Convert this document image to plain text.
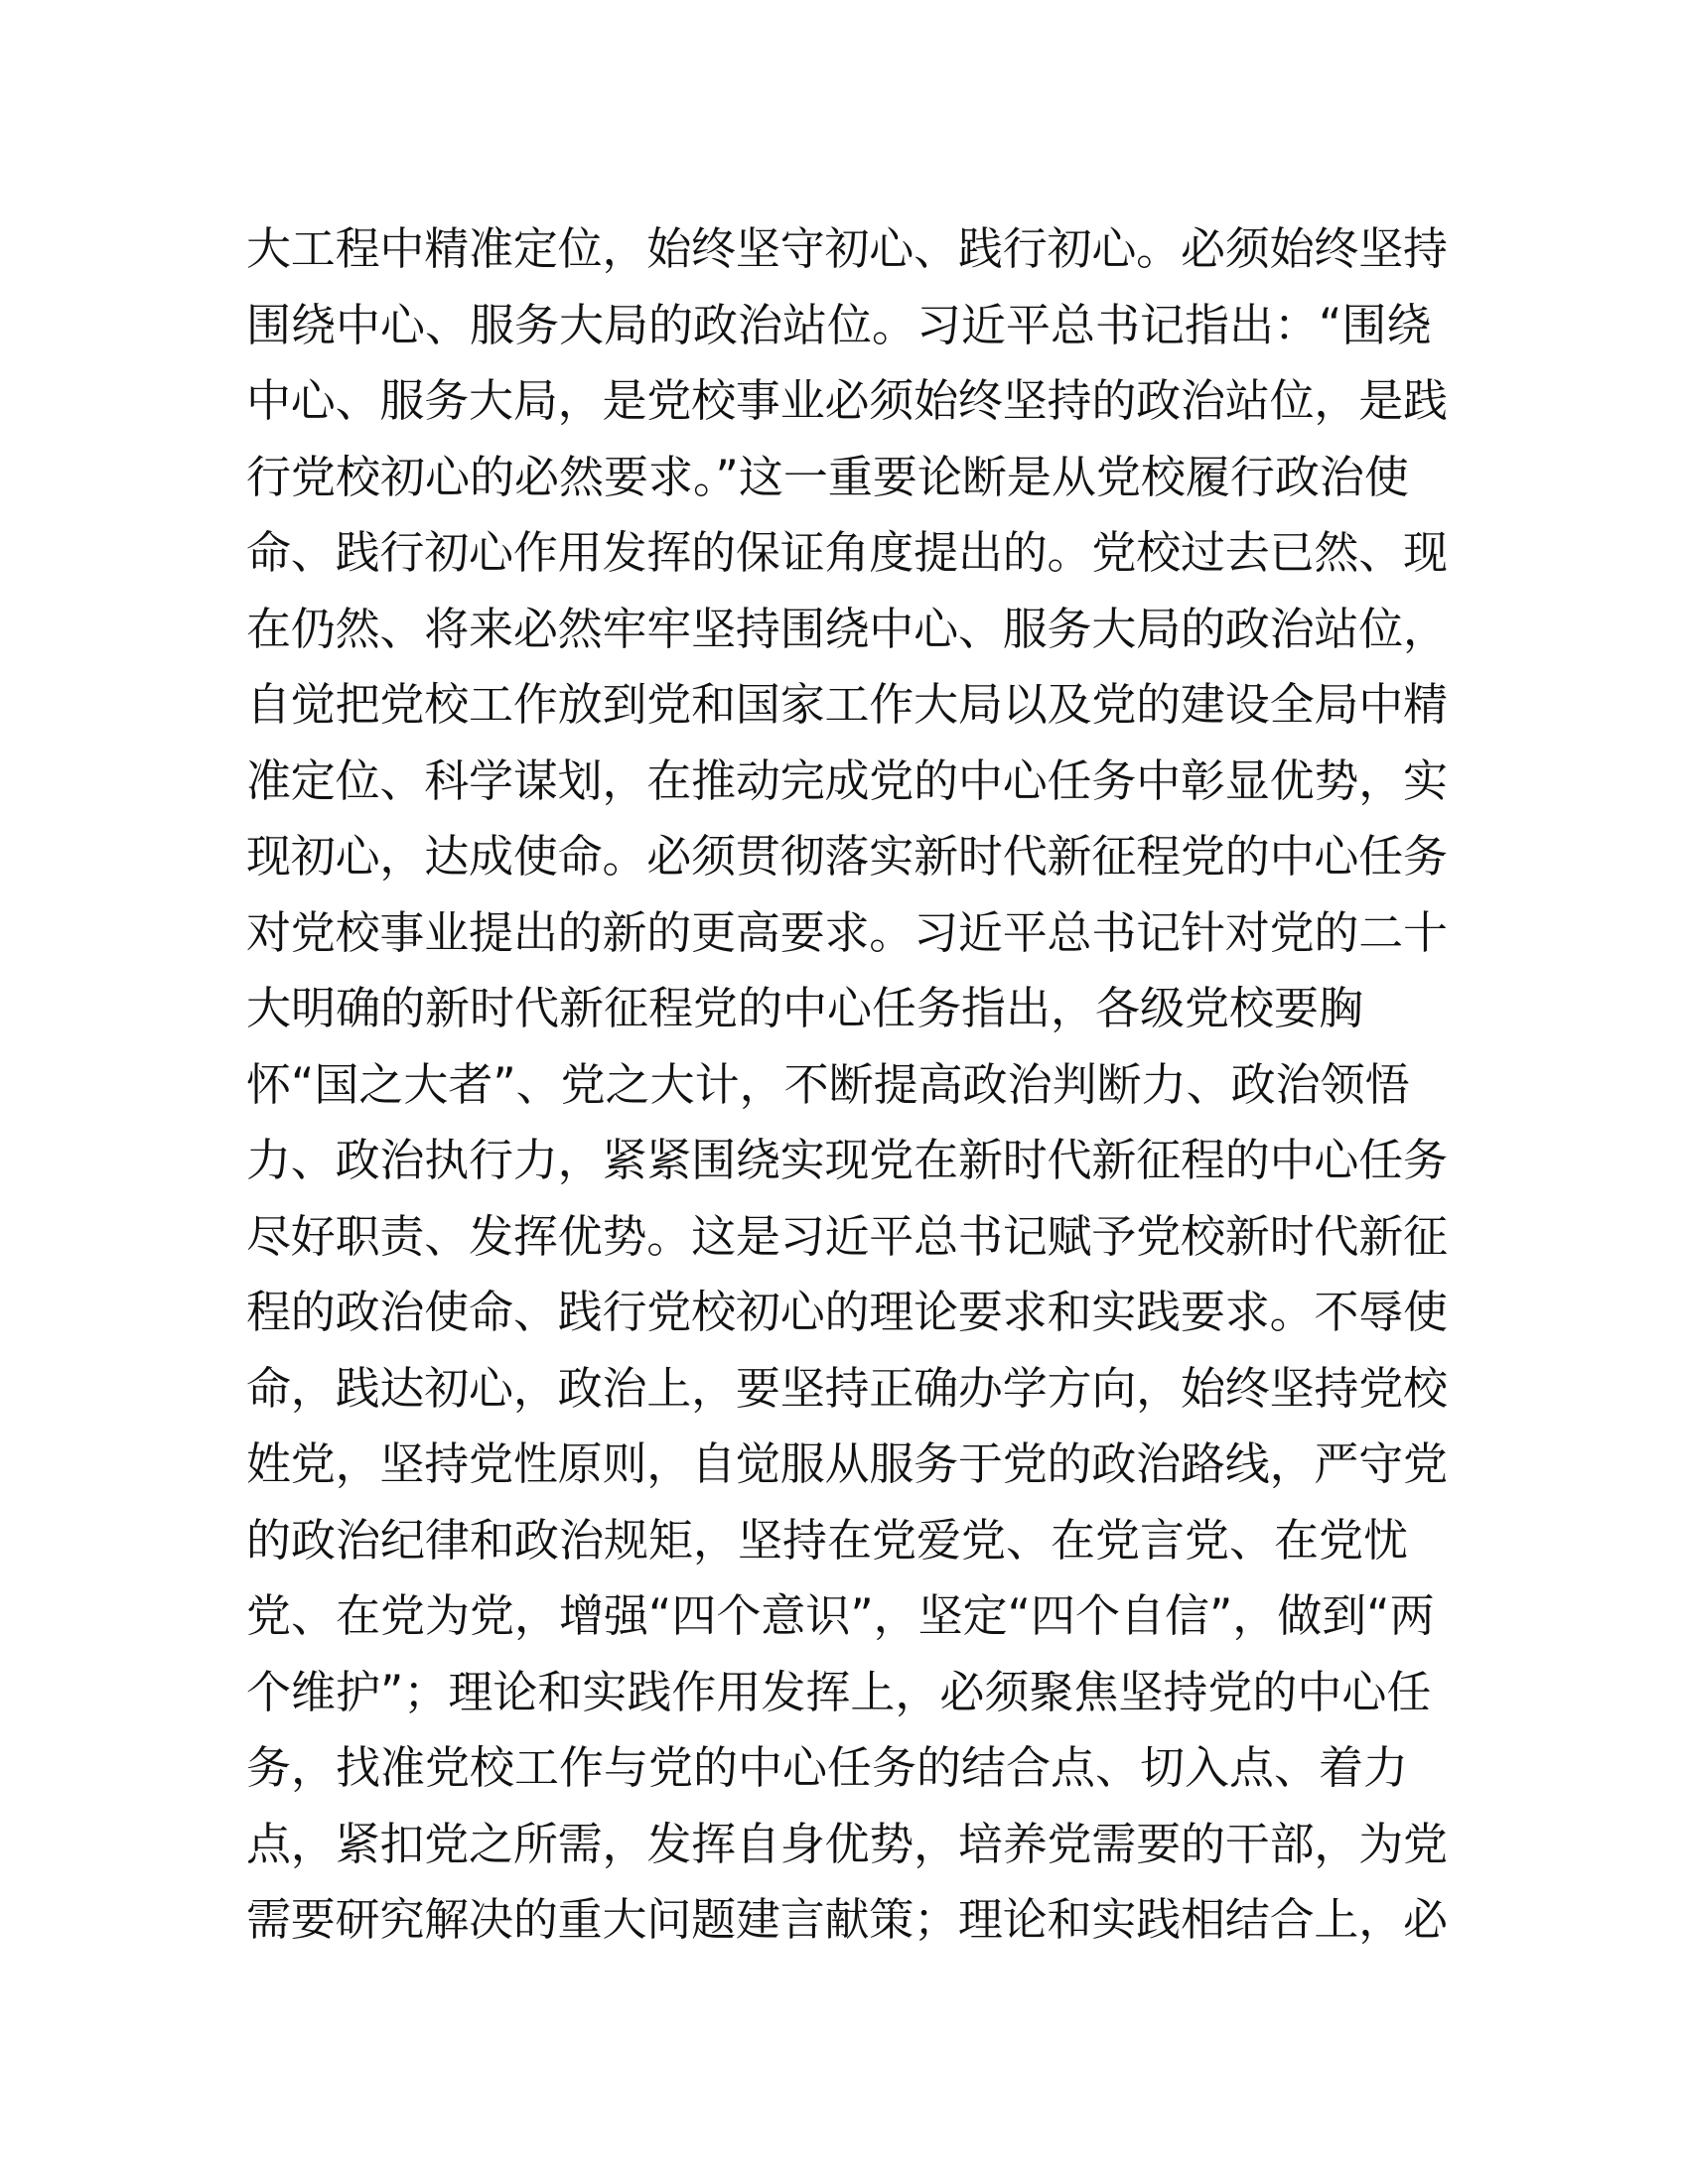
大工程中精准定位，始终坚守初心、践行初心。必须始终坚持
围绕中心、服务大局的政治站位。习近平总书记指出：“围绕
中心、服务大局，是党校事业必须始终坚持的政治站位，是践
行党校初心的必然要求。”这一重要论断是从党校履行政治使
命、践行初心作用发挥的保证角度提出的。党校过去已然、现
在仍然、将来必然牢牢坚持围绕中心、服务大局的政治站位，
自觉把党校工作放到党和国家工作大局以及党的建设全局中精
准定位、科学谋划，在推动完成党的中心任务中彰显优势，实
现初心，达成使命。必须贯彻落实新时代新征程党的中心任务
对党校事业提出的新的更高要求。习近平总书记针对党的二十
大明确的新时代新征程党的中心任务指出，各级党校要胸
怀“国之大者”、党之大计，不断提高政治判断力、政治领悟
力、政治执行力，紧紧围绕实现党在新时代新征程的中心任务
尽好职责、发挥优势。这是习近平总书记赋予党校新时代新征
程的政治使命、践行党校初心的理论要求和实践要求。不辱使
命，践达初心，政治上，要坚持正确办学方向，始终坚持党校
姓党，坚持党性原则，自觉服从服务于党的政治路线，严守党
的政治纪律和政治规矩，坚持在党爱党、在党言党、在党忧
党、在党为党，增强“四个意识”，坚定“四个自信”，做到“两
个维护”；理论和实践作用发挥上，必须聚焦坚持党的中心任
务，找准党校工作与党的中心任务的结合点、切入点、着力
点，紧扣党之所需，发挥自身优势，培养党需要的干部，为党
需要研究解决的重大问题建言献策；理论和实践相结合上，必
